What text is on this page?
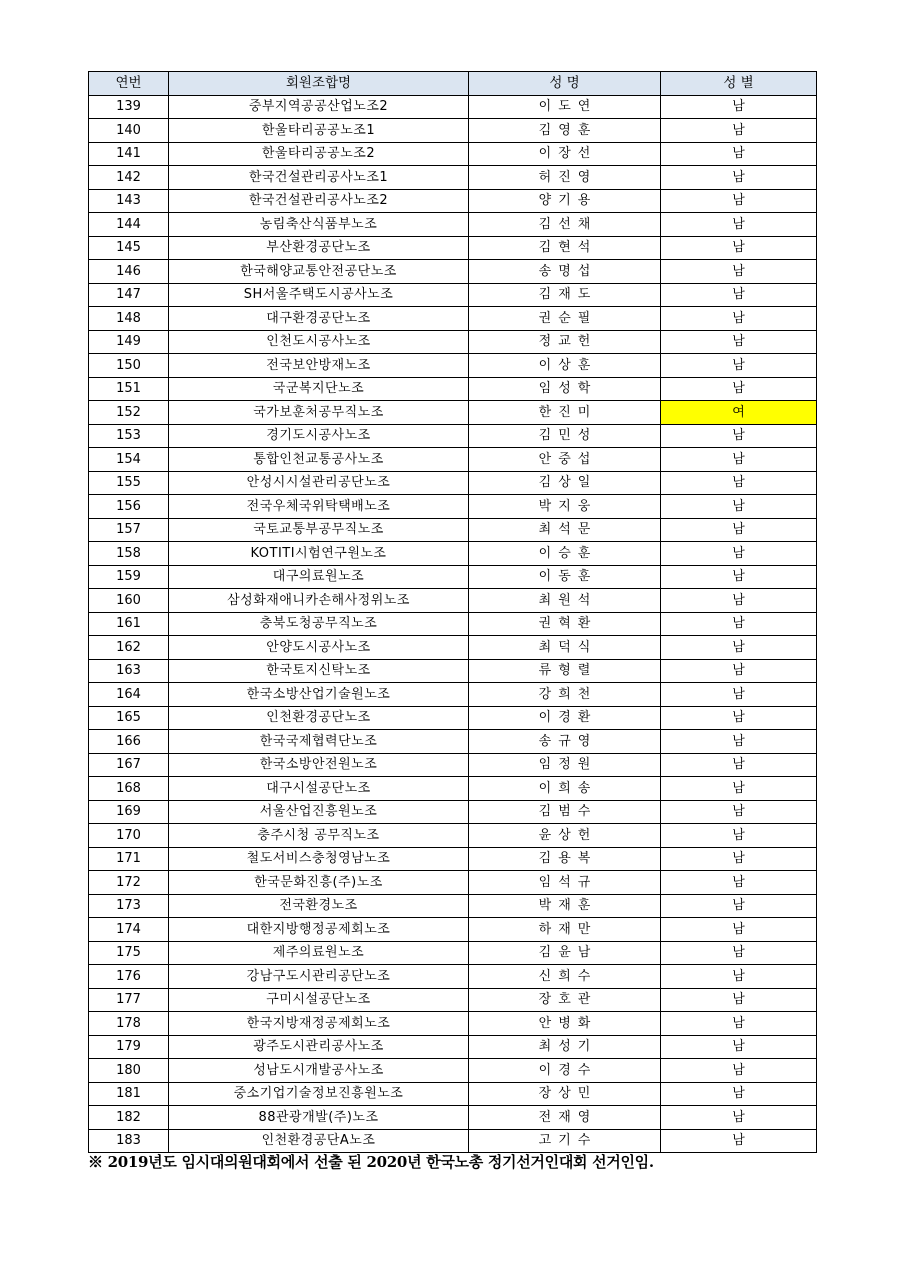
연번	회원조합명	성 명	성 별
139	중부지역공공산업노조2	이도연	남
140	한울타리공공노조1	김영훈	남
141	한울타리공공노조2	이장선	남
142	한국건설관리공사노조1	허진영	남
143	한국건설관리공사노조2	양기용	남
144	농림축산식품부노조	김선채	남
145	부산환경공단노조	김현석	남
146	한국해양교통안전공단노조	송명섭	남
147	SH서울주택도시공사노조	김재도	남
148	대구환경공단노조	권순필	남
149	인천도시공사노조	정교헌	남
150	전국보안방재노조	이상훈	남
151	국군복지단노조	임성학	남
152	국가보훈처공무직노조	한진미	여
153	경기도시공사노조	김민성	남
154	통합인천교통공사노조	안중섭	남
155	안성시시설관리공단노조	김상일	남
156	전국우체국위탁택배노조	박지웅	남
157	국토교통부공무직노조	최석문	남
158	KOTITI시험연구원노조	이승훈	남
159	대구의료원노조	이동훈	남
160	삼성화재애니카손해사정위노조	최원석	남
161	충북도청공무직노조	권혁환	남
162	안양도시공사노조	최덕식	남
163	한국토지신탁노조	류형렬	남
164	한국소방산업기술원노조	강희천	남
165	인천환경공단노조	이경환	남
166	한국국제협력단노조	송규영	남
167	한국소방안전원노조	임정원	남
168	대구시설공단노조	이희송	남
169	서울산업진흥원노조	김범수	남
170	충주시청 공무직노조	윤상헌	남
171	철도서비스충청영남노조	김용복	남
172	한국문화진흥(주)노조	임석규	남
173	전국환경노조	박재훈	남
174	대한지방행정공제회노조	하재만	남
175	제주의료원노조	김윤남	남
176	강남구도시관리공단노조	신희수	남
177	구미시설공단노조	장호관	남
178	한국지방재정공제회노조	안병화	남
179	광주도시관리공사노조	최성기	남
180	성남도시개발공사노조	이경수	남
181	중소기업기술정보진흥원노조	장상민	남
182	88관광개발(주)노조	전재영	남
183	인천환경공단A노조	고기수	남
※ 2019년도 임시대의원대회에서 선출 된 2020년 한국노총 정기선거인대회 선거인임.
